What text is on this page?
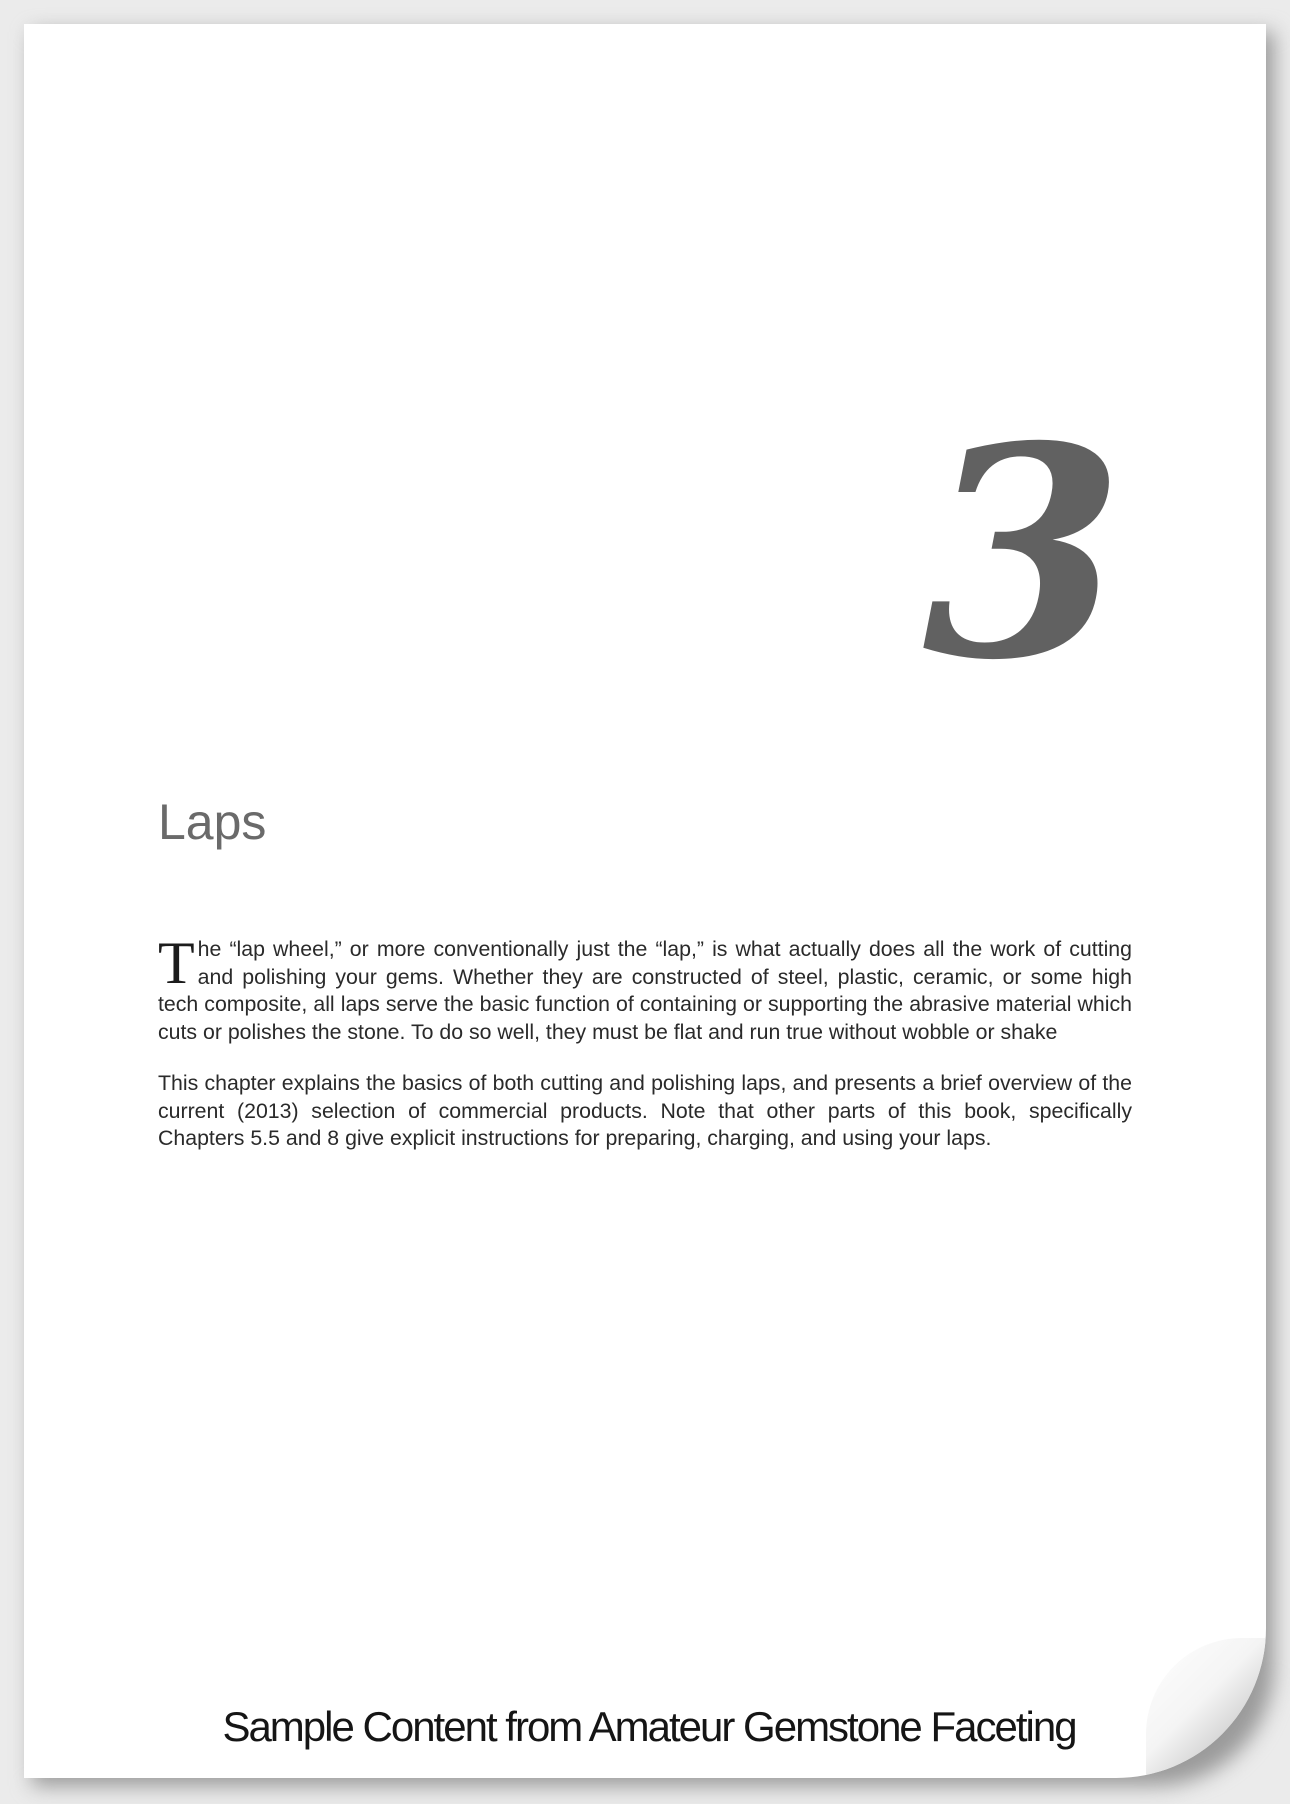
3
Laps

The “lap wheel,” or more conventionally just the “lap,” is what actually does all the work of cutting and polishing your gems. Whether they are constructed of steel, plastic, ceramic, or some high tech composite, all laps serve the basic function of containing or supporting the abrasive material which cuts or polishes the stone. To do so well, they must be flat and run true without wobble or shake

This chapter explains the basics of both cutting and polishing laps, and presents a brief overview of the current (2013) selection of commercial products. Note that other parts of this book, specifically Chapters 5.5 and 8 give explicit instructions for preparing, charging, and using your laps.

Sample Content from Amateur Gemstone Faceting
